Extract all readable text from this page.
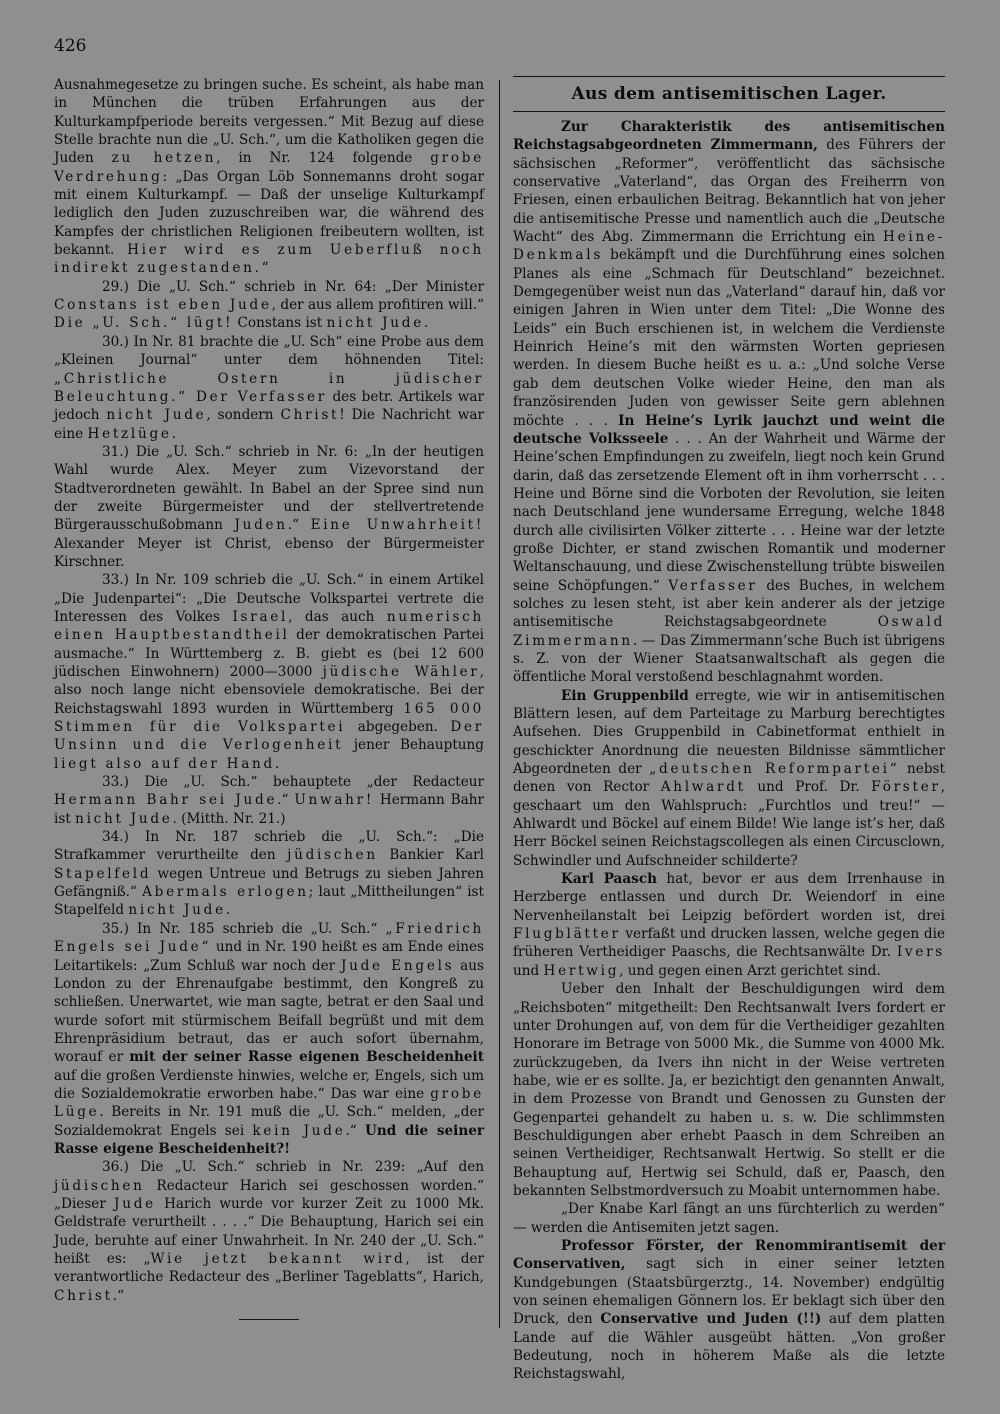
426

Ausnahmegesetze zu bringen suche. Es scheint, als habe man in München die trüben Erfahrungen aus der Kulturkampfperiode bereits vergessen.“ Mit Bezug auf diese Stelle brachte nun die „U. Sch.“, um die Katholiken gegen die Juden zu hetzen, in Nr. 124 folgende grobe Verdrehung: „Das Organ Löb Sonnemanns droht sogar mit einem Kulturkampf. — Daß der unselige Kulturkampf lediglich den Juden zuzuschreiben war, die während des Kampfes der christlichen Religionen freibeutern wollten, ist bekannt. Hier wird es zum Ueberfluß noch indirekt zugestanden.“

29.) Die „U. Sch.“ schrieb in Nr. 64: „Der Minister Constans ist eben Jude, der aus allem profitiren will.“ Die „U. Sch.“ lügt! Constans ist nicht Jude.

30.) In Nr. 81 brachte die „U. Sch“ eine Probe aus dem „Kleinen Journal“ unter dem höhnenden Titel: „Christliche Ostern in jüdischer Beleuchtung.“ Der Verfasser des betr. Artikels war jedoch nicht Jude, sondern Christ! Die Nachricht war eine Hetzlüge.

31.) Die „U. Sch.“ schrieb in Nr. 6: „In der heutigen Wahl wurde Alex. Meyer zum Vizevorstand der Stadtverordneten gewählt. In Babel an der Spree sind nun der zweite Bürgermeister und der stellvertretende Bürgerausschußobmann Juden.“ Eine Unwahrheit! Alexander Meyer ist Christ, ebenso der Bürgermeister Kirschner.

33.) In Nr. 109 schrieb die „U. Sch.“ in einem Artikel „Die Judenpartei“: „Die Deutsche Volkspartei vertrete die Interessen des Volkes Israel, das auch numerisch einen Hauptbestandtheil der demokratischen Partei ausmache.“ In Württemberg z. B. giebt es (bei 12 600 jüdischen Einwohnern) 2000—3000 jüdische Wähler, also noch lange nicht ebensoviele demokratische. Bei der Reichstagswahl 1893 wurden in Württemberg 165 000 Stimmen für die Volkspartei abgegeben. Der Unsinn und die Verlogenheit jener Behauptung liegt also auf der Hand.

33.) Die „U. Sch.“ behauptete „der Redacteur Hermann Bahr sei Jude.“ Unwahr! Hermann Bahr ist nicht Jude. (Mitth. Nr. 21.)

34.) In Nr. 187 schrieb die „U. Sch.“: „Die Strafkammer verurtheilte den jüdischen Bankier Karl Stapelfeld wegen Untreue und Betrugs zu sieben Jahren Gefängniß.“ Abermals erlogen; laut „Mittheilungen“ ist Stapelfeld nicht Jude.

35.) In Nr. 185 schrieb die „U. Sch.“ „Friedrich Engels sei Jude“ und in Nr. 190 heißt es am Ende eines Leitartikels: „Zum Schluß war noch der Jude Engels aus London zu der Ehrenaufgabe bestimmt, den Kongreß zu schließen. Unerwartet, wie man sagte, betrat er den Saal und wurde sofort mit stürmischem Beifall begrüßt und mit dem Ehrenpräsidium betraut, das er auch sofort übernahm, worauf er mit der seiner Rasse eigenen Bescheidenheit auf die großen Verdienste hinwies, welche er, Engels, sich um die Sozialdemokratie erworben habe.“ Das war eine grobe Lüge. Bereits in Nr. 191 muß die „U. Sch.“ melden, „der Sozialdemokrat Engels sei kein Jude.“ Und die seiner Rasse eigene Bescheidenheit?!

36.) Die „U. Sch.“ schrieb in Nr. 239: „Auf den jüdischen Redacteur Harich sei geschossen worden.“ „Dieser Jude Harich wurde vor kurzer Zeit zu 1000 Mk. Geldstrafe verurtheilt . . . .“ Die Behauptung, Harich sei ein Jude, beruhte auf einer Unwahrheit. In Nr. 240 der „U. Sch.“ heißt es: „Wie jetzt bekannt wird, ist der verantwortliche Redacteur des „Berliner Tageblatts“, Harich, Christ.“

Aus dem antisemitischen Lager.

Zur Charakteristik des antisemitischen Reichstagsabgeordneten Zimmermann, des Führers der sächsischen „Reformer“, veröffentlicht das sächsische conservative „Vaterland“, das Organ des Freiherrn von Friesen, einen erbaulichen Beitrag. Bekanntlich hat von jeher die antisemitische Presse und namentlich auch die „Deutsche Wacht“ des Abg. Zimmermann die Errichtung ein Heine-Denkmals bekämpft und die Durchführung eines solchen Planes als eine „Schmach für Deutschland“ bezeichnet. Demgegenüber weist nun das „Vaterland“ darauf hin, daß vor einigen Jahren in Wien unter dem Titel: „Die Wonne des Leids“ ein Buch erschienen ist, in welchem die Verdienste Heinrich Heine’s mit den wärmsten Worten gepriesen werden. In diesem Buche heißt es u. a.: „Und solche Verse gab dem deutschen Volke wieder Heine, den man als französirenden Juden von gewisser Seite gern ablehnen möchte . . . In Heine’s Lyrik jauchzt und weint die deutsche Volksseele . . . An der Wahrheit und Wärme der Heine’schen Empfindungen zu zweifeln, liegt noch kein Grund darin, daß das zersetzende Element oft in ihm vorherrscht . . . Heine und Börne sind die Vorboten der Revolution, sie leiten nach Deutschland jene wundersame Erregung, welche 1848 durch alle civilisirten Völker zitterte . . . Heine war der letzte große Dichter, er stand zwischen Romantik und moderner Weltanschauung, und diese Zwischenstellung trübte bisweilen seine Schöpfungen.“ Verfasser des Buches, in welchem solches zu lesen steht, ist aber kein anderer als der jetzige antisemitische Reichstagsabgeordnete Oswald Zimmermann. — Das Zimmermann’sche Buch ist übrigens s. Z. von der Wiener Staatsanwaltschaft als gegen die öffentliche Moral verstoßend beschlagnahmt worden.

Ein Gruppenbild erregte, wie wir in antisemitischen Blättern lesen, auf dem Parteitage zu Marburg berechtigtes Aufsehen. Dies Gruppenbild in Cabinetformat enthielt in geschickter Anordnung die neuesten Bildnisse sämmtlicher Abgeordneten der „deutschen Reformpartei“ nebst denen von Rector Ahlwardt und Prof. Dr. Förster, geschaart um den Wahlspruch: „Furchtlos und treu!“ — Ahlwardt und Böckel auf einem Bilde! Wie lange ist’s her, daß Herr Böckel seinen Reichstagscollegen als einen Circusclown, Schwindler und Aufschneider schilderte?

Karl Paasch hat, bevor er aus dem Irrenhause in Herzberge entlassen und durch Dr. Weiendorf in eine Nervenheilanstalt bei Leipzig befördert worden ist, drei Flugblätter verfaßt und drucken lassen, welche gegen die früheren Vertheidiger Paaschs, die Rechtsanwälte Dr. Ivers und Hertwig, und gegen einen Arzt gerichtet sind.

Ueber den Inhalt der Beschuldigungen wird dem „Reichsboten“ mitgetheilt: Den Rechtsanwalt Ivers fordert er unter Drohungen auf, von dem für die Vertheidiger gezahlten Honorare im Betrage von 5000 Mk., die Summe von 4000 Mk. zurückzugeben, da Ivers ihn nicht in der Weise vertreten habe, wie er es sollte. Ja, er bezichtigt den genannten Anwalt, in dem Prozesse von Brandt und Genossen zu Gunsten der Gegenpartei gehandelt zu haben u. s. w. Die schlimmsten Beschuldigungen aber erhebt Paasch in dem Schreiben an seinen Vertheidiger, Rechtsanwalt Hertwig. So stellt er die Behauptung auf, Hertwig sei Schuld, daß er, Paasch, den bekannten Selbstmordversuch zu Moabit unternommen habe.

„Der Knabe Karl fängt an uns fürchterlich zu werden“ — werden die Antisemiten jetzt sagen.

Professor Förster, der Renommirantisemit der Conservativen, sagt sich in einer seiner letzten Kundgebungen (Staatsbürgerztg., 14. November) endgültig von seinen ehemaligen Gönnern los. Er beklagt sich über den Druck, den Conservative und Juden (!!) auf dem platten Lande auf die Wähler ausgeübt hätten. „Von großer Bedeutung, noch in höherem Maße als die letzte Reichstagswahl,
